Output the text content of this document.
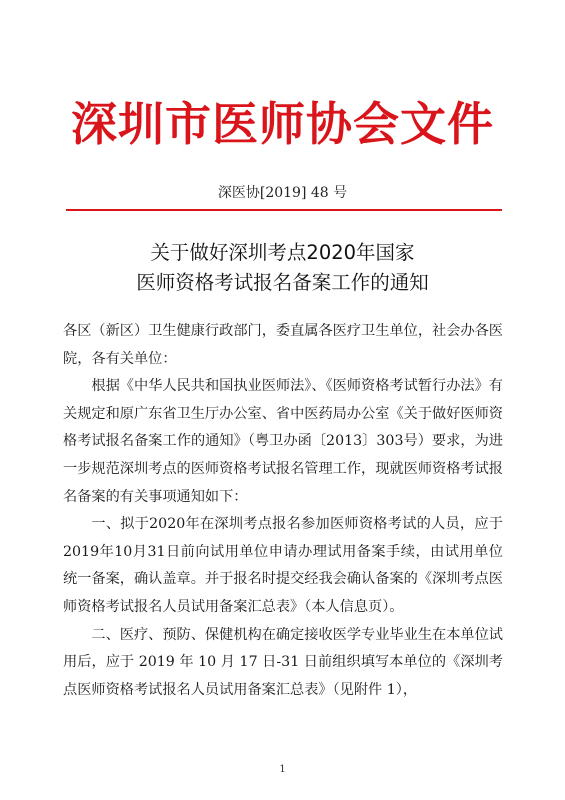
深圳市医师协会文件
深医协[2019] 48 号
关于做好深圳考点2020年国家
医师资格考试报名备案工作的通知

各区（新区）卫生健康行政部门，委直属各医疗卫生单位，社会办各医院，各有关单位：

根据《中华人民共和国执业医师法》、《医师资格考试暂行办法》有关规定和原广东省卫生厅办公室、省中医药局办公室《关于做好医师资格考试报名备案工作的通知》（粤卫办函〔2013〕303号）要求，为进一步规范深圳考点的医师资格考试报名管理工作，现就医师资格考试报名备案的有关事项通知如下：

一、拟于2020年在深圳考点报名参加医师资格考试的人员，应于2019年10月31日前向试用单位申请办理试用备案手续，由试用单位统一备案，确认盖章。并于报名时提交经我会确认备案的《深圳考点医师资格考试报名人员试用备案汇总表》（本人信息页）。

二、医疗、预防、保健机构在确定接收医学专业毕业生在本单位试用后，应于 2019 年 10 月 17 日-31 日前组织填写本单位的《深圳考点医师资格考试报名人员试用备案汇总表》（见附件 1），

1
